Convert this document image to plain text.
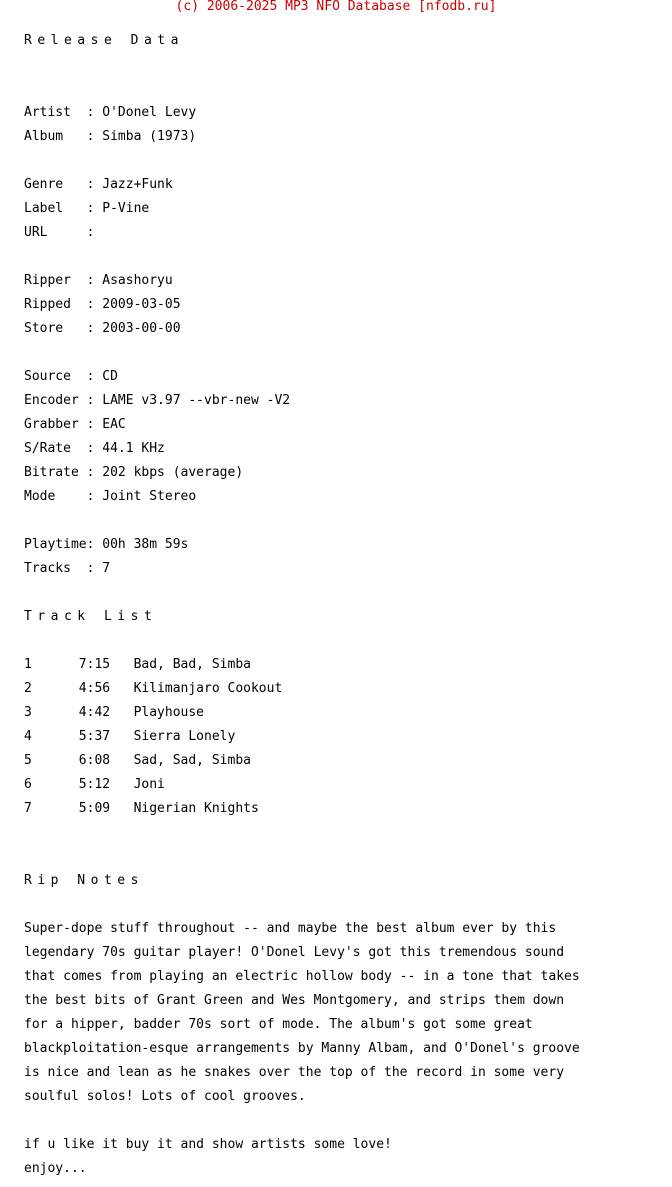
(c) 2006-2025 MP3 NFO Database [nfodb.ru]

Release Data

Artist  : O'Donel Levy

Album   : Simba (1973)

Genre   : Jazz+Funk

Label   : P-Vine

URL     :

Ripper  : Asashoryu

Ripped  : 2009-03-05

Store   : 2003-00-00

Source  : CD

Encoder : LAME v3.97 --vbr-new -V2

Grabber : EAC

S/Rate  : 44.1 KHz

Bitrate : 202 kbps (average)

Mode    : Joint Stereo

Playtime: 00h 38m 59s

Tracks  : 7

Track List

1      7:15   Bad, Bad, Simba

2      4:56   Kilimanjaro Cookout

3      4:42   Playhouse

4      5:37   Sierra Lonely

5      6:08   Sad, Sad, Simba

6      5:12   Joni

7      5:09   Nigerian Knights

Rip Notes

Super-dope stuff throughout -- and maybe the best album ever by this

legendary 70s guitar player! O'Donel Levy's got this tremendous sound

that comes from playing an electric hollow body -- in a tone that takes

the best bits of Grant Green and Wes Montgomery, and strips them down

for a hipper, badder 70s sort of mode. The album's got some great

blackploitation-esque arrangements by Manny Albam, and O'Donel's groove

is nice and lean as he snakes over the top of the record in some very

soulful solos! Lots of cool grooves.

if u like it buy it and show artists some love!

enjoy...
